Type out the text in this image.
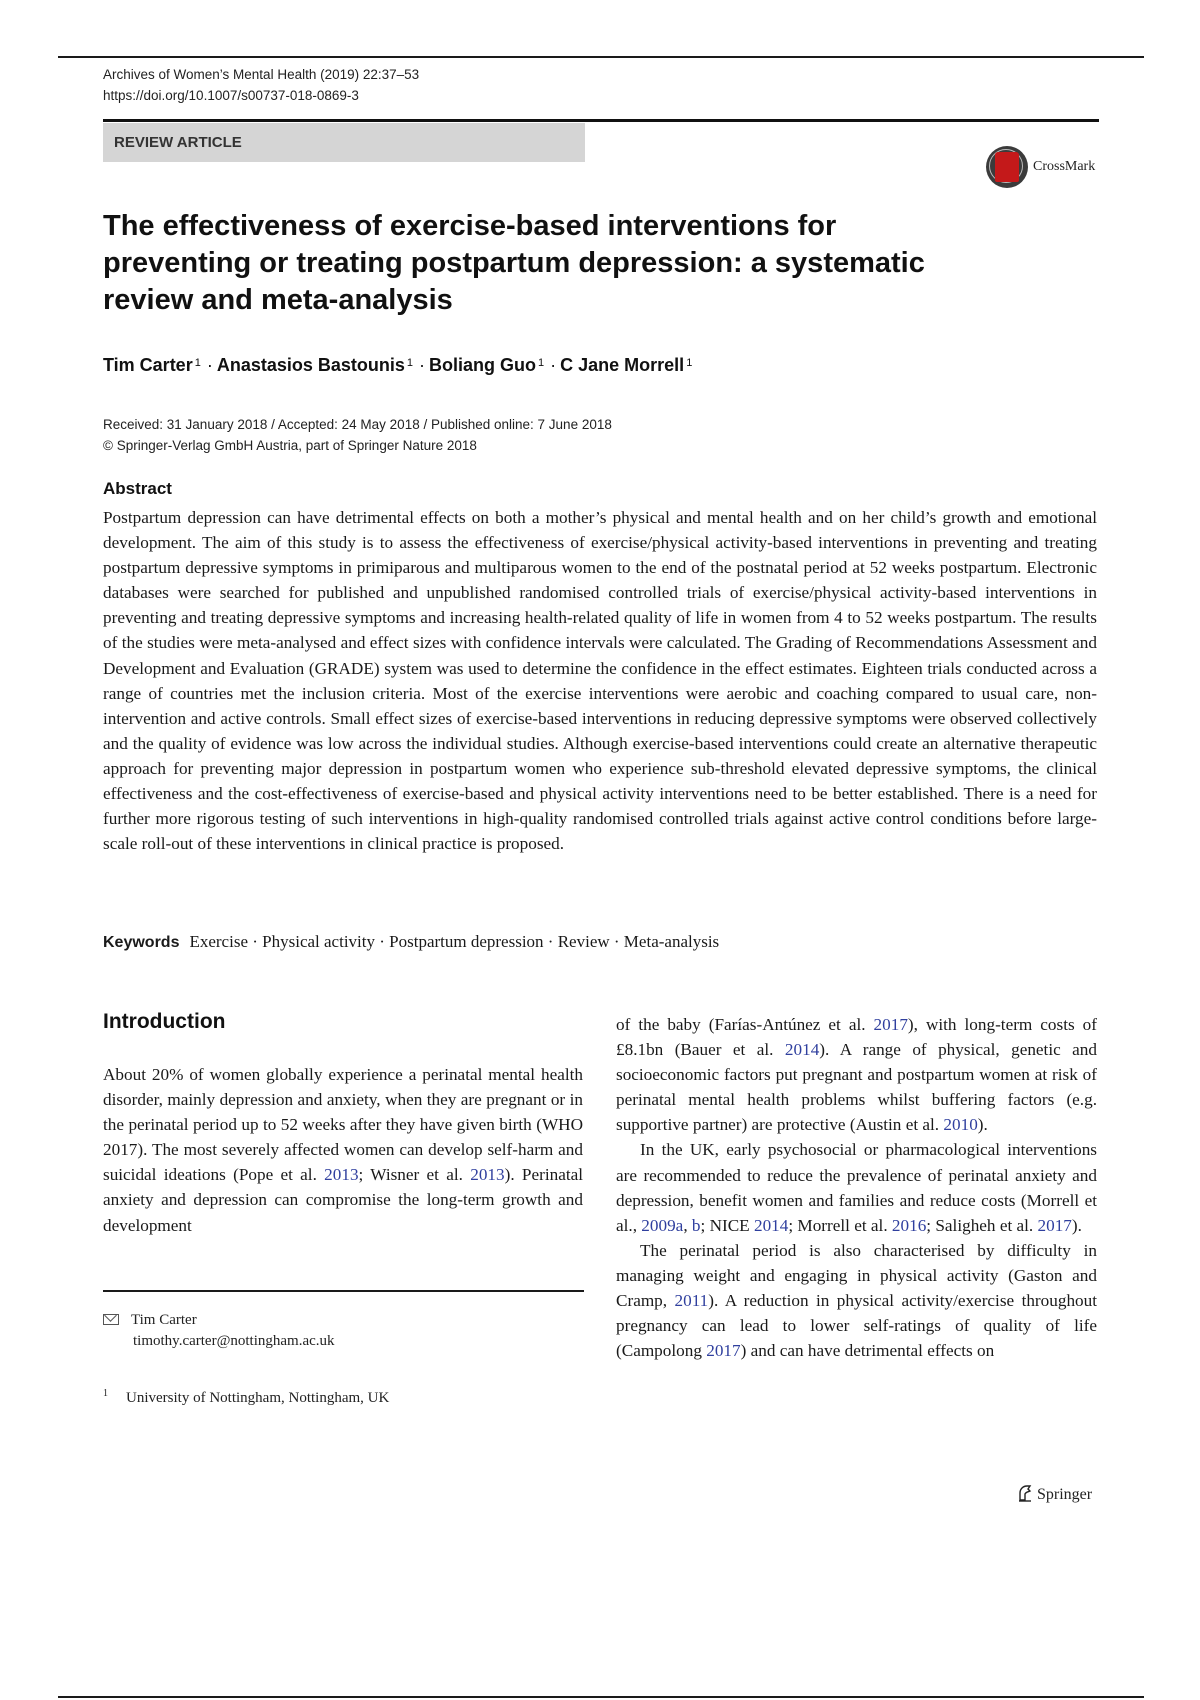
Archives of Women’s Mental Health (2019) 22:37–53
https://doi.org/10.1007/s00737-018-0869-3
REVIEW ARTICLE
CrossMark
The effectiveness of exercise-based interventions for preventing or treating postpartum depression: a systematic review and meta-analysis
Tim Carter $^1$ · Anastasios Bastounis $^1$ · Boliang Guo $^1$ · C Jane Morrell $^1$
Received: 31 January 2018 / Accepted: 24 May 2018 / Published online: 7 June 2018
© Springer-Verlag GmbH Austria, part of Springer Nature 2018
Abstract
Postpartum depression can have detrimental effects on both a mother’s physical and mental health and on her child’s growth and emotional development. The aim of this study is to assess the effectiveness of exercise/physical activity-based interventions in preventing and treating postpartum depressive symptoms in primiparous and multiparous women to the end of the postnatal period at 52 weeks postpartum. Electronic databases were searched for published and unpublished randomised controlled trials of exercise/physical activity-based interventions in preventing and treating depressive symptoms and increasing health-related quality of life in women from 4 to 52 weeks postpartum. The results of the studies were meta-analysed and effect sizes with confidence intervals were calculated. The Grading of Recommendations Assessment and Development and Evaluation (GRADE) system was used to determine the confidence in the effect estimates. Eighteen trials conducted across a range of countries met the inclusion criteria. Most of the exercise interventions were aerobic and coaching compared to usual care, non-intervention and active controls. Small effect sizes of exercise-based interventions in reducing depressive symptoms were observed collectively and the quality of evidence was low across the individual studies. Although exercise-based interventions could create an alternative therapeutic approach for preventing major depression in postpartum women who experience sub-threshold elevated depressive symptoms, the clinical effectiveness and the cost-effectiveness of exercise-based and physical activity interventions need to be better established. There is a need for further more rigorous testing of such interventions in high-quality randomised controlled trials against active control conditions before large-scale roll-out of these interventions in clinical practice is proposed.
Keywords Exercise · Physical activity · Postpartum depression · Review · Meta-analysis
Introduction

About 20% of women globally experience a perinatal mental health disorder, mainly depression and anxiety, when they are pregnant or in the perinatal period up to 52 weeks after they have given birth (WHO 2017). The most severely affected women can develop self-harm and suicidal ideations (Pope et al. 2013; Wisner et al. 2013). Perinatal anxiety and depression can compromise the long-term growth and development

of the baby (Farías-Antúnez et al. 2017), with long-term costs of £8.1bn (Bauer et al. 2014). A range of physical, genetic and socioeconomic factors put pregnant and postpartum women at risk of perinatal mental health problems whilst buffering factors (e.g. supportive partner) are protective (Austin et al. 2010).

In the UK, early psychosocial or pharmacological interventions are recommended to reduce the prevalence of perinatal anxiety and depression, benefit women and families and reduce costs (Morrell et al., 2009a, b; NICE 2014; Morrell et al. 2016; Saligheh et al. 2017).

The perinatal period is also characterised by difficulty in managing weight and engaging in physical activity (Gaston and Cramp, 2011). A reduction in physical activity/exercise throughout pregnancy can lead to lower self-ratings of quality of life (Campolong 2017) and can have detrimental effects on

Tim Carter
timothy.carter@nottingham.ac.uk
$^1$ University of Nottingham, Nottingham, UK
Springer
